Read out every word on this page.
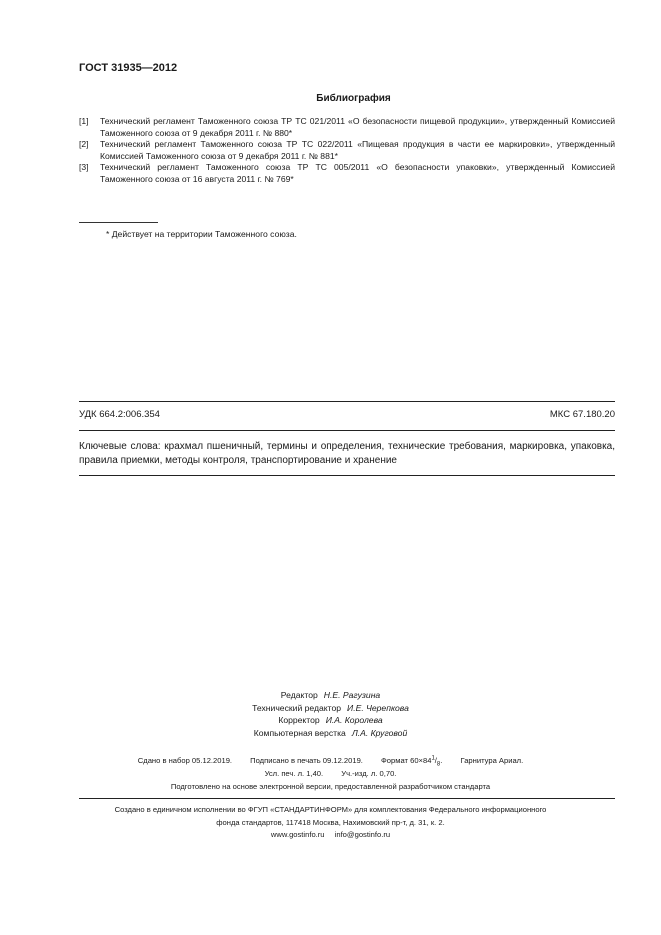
ГОСТ 31935—2012
Библиография
[1]	Технический регламент Таможенного союза ТР ТС 021/2011 «О безопасности пищевой продукции», утвержденный Комиссией Таможенного союза от 9 декабря 2011 г. № 880*
[2]	Технический регламент Таможенного союза ТР ТС 022/2011 «Пищевая продукция в части ее маркировки», утвержденный Комиссией Таможенного союза от 9 декабря 2011 г. № 881*
[3]	Технический регламент Таможенного союза ТР ТС 005/2011 «О безопасности упаковки», утвержденный Комиссией Таможенного союза от 16 августа 2011 г. № 769*
* Действует на территории Таможенного союза.
УДК 664.2:006.354	МКС 67.180.20
Ключевые слова: крахмал пшеничный, термины и определения, технические требования, маркировка, упаковка, правила приемки, методы контроля, транспортирование и хранение
Редактор Н.Е. Рагузина
Технический редактор И.Е. Черепкова
Корректор И.А. Королева
Компьютерная верстка Л.А. Круговой
Сдано в набор 05.12.2019. Подписано в печать 09.12.2019. Формат $60\times 84^1/_8$. Гарнитура Ариал.
Усл. печ. л. 1,40. Уч.-изд. л. 0,70.
Подготовлено на основе электронной версии, предоставленной разработчиком стандарта
Создано в единичном исполнении во ФГУП «СТАНДАРТИНФОРМ» для комплектования Федерального информационного
фонда стандартов, 117418 Москва, Нахимовский пр-т, д. 31, к. 2.
www.gostinfo.ru info@gostinfo.ru
